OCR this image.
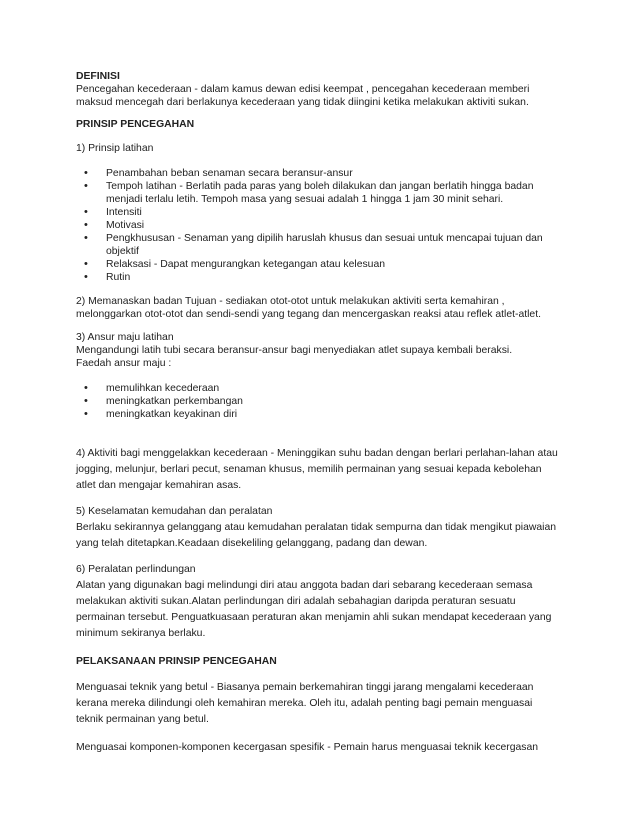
DEFINISI

Pencegahan kecederaan - dalam kamus dewan edisi keempat , pencegahan kecederaan memberi

maksud mencegah dari berlakunya kecederaan yang tidak diingini ketika melakukan aktiviti sukan.

PRINSIP PENCEGAHAN

1) Prinsip latihan

• Penambahan beban senaman secara beransur-ansur
• Tempoh latihan - Berlatih pada paras yang boleh dilakukan dan jangan berlatih hingga badan

menjadi terlalu letih. Tempoh masa yang sesuai adalah 1 hingga 1 jam 30 minit sehari.

• Intensiti
• Motivasi
• Pengkhususan - Senaman yang dipilih haruslah khusus dan sesuai untuk mencapai tujuan dan

objektif

• Relaksasi - Dapat mengurangkan ketegangan atau kelesuan
• Rutin

2) Memanaskan badan Tujuan - sediakan otot-otot untuk melakukan aktiviti serta kemahiran ,

melonggarkan otot-otot dan sendi-sendi yang tegang dan mencergaskan reaksi atau reflek atlet-atlet.

3) Ansur maju latihan

Mengandungi latih tubi secara beransur-ansur bagi menyediakan atlet supaya kembali beraksi.

Faedah ansur maju :

• memulihkan kecederaan
• meningkatkan perkembangan
• meningkatkan keyakinan diri

4) Aktiviti bagi menggelakkan kecederaan - Meninggikan suhu badan dengan berlari perlahan-lahan atau

jogging, melunjur, berlari pecut, senaman khusus, memilih permainan yang sesuai kepada kebolehan

atlet dan mengajar kemahiran asas.

5) Keselamatan kemudahan dan peralatan

Berlaku sekirannya gelanggang atau kemudahan peralatan tidak sempurna dan tidak mengikut piawaian

yang telah ditetapkan.Keadaan disekeliling gelanggang, padang dan dewan.

6) Peralatan perlindungan

Alatan yang digunakan bagi melindungi diri atau anggota badan dari sebarang kecederaan semasa

melakukan aktiviti sukan.Alatan perlindungan diri adalah sebahagian daripda peraturan sesuatu

permainan tersebut. Penguatkuasaan peraturan akan menjamin ahli sukan mendapat kecederaan yang

minimum sekiranya berlaku.

PELAKSANAAN PRINSIP PENCEGAHAN

Menguasai teknik yang betul - Biasanya pemain berkemahiran tinggi jarang mengalami kecederaan

kerana mereka dilindungi oleh kemahiran mereka. Oleh itu, adalah penting bagi pemain menguasai

teknik permainan yang betul.

Menguasai komponen-komponen kecergasan spesifik - Pemain harus menguasai teknik kecergasan
